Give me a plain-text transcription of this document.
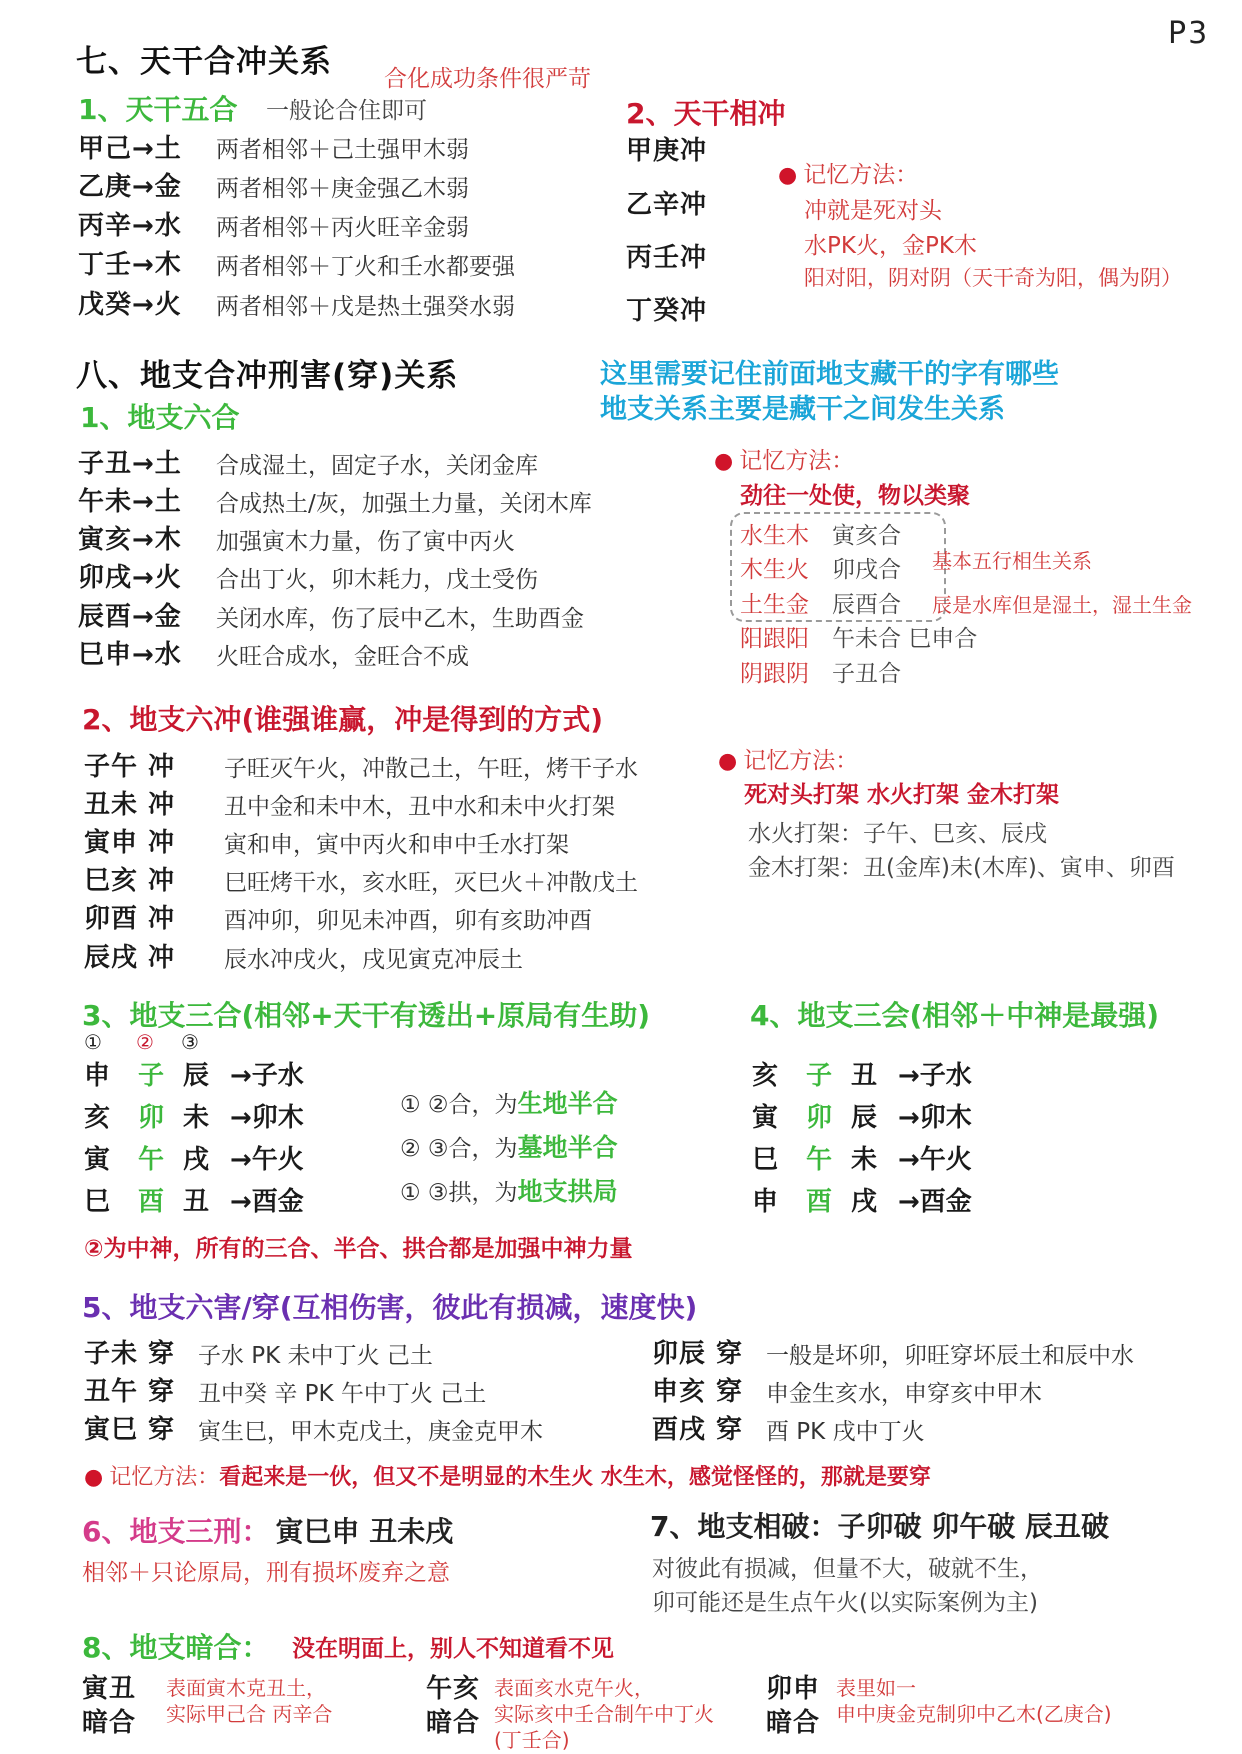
P3
七、天干合冲关系 合化成功条件很严苛
1、天干五合 一般论合住即可
甲己→土 两者相邻＋己土强甲木弱
乙庚→金 两者相邻＋庚金强乙木弱
丙辛→水 两者相邻＋丙火旺辛金弱
丁壬→木 两者相邻＋丁火和壬水都要强
戊癸→火 两者相邻＋戊是热土强癸水弱
2、天干相冲
甲庚冲
乙辛冲
丙壬冲
丁癸冲
● 记忆方法：
冲就是死对头
水PK火，金PK木
阳对阳，阴对阴（天干奇为阳，偶为阴）
八、地支合冲刑害(穿)关系	这里需要记住前面地支藏干的字有哪些
地支关系主要是藏干之间发生关系
1、地支六合
子丑→土 合成湿土，固定子水，关闭金库
午未→土 合成热土/灰，加强土力量，关闭木库
寅亥→木 加强寅木力量，伤了寅中丙火
卯戌→火 合出丁火，卯木耗力，戊土受伤
辰酉→金 关闭水库，伤了辰中乙木，生助酉金
巳申→水 火旺合成水，金旺合不成
● 记忆方法：
劲往一处使，物以类聚
水生木 寅亥合
木生火 卯戌合
土生金 辰酉合
阳跟阳 午未合 巳申合
阴跟阴 子丑合
基本五行相生关系
辰是水库但是湿土，湿土生金
2、地支六冲(谁强谁赢，冲是得到的方式)
子午 冲 子旺灭午火，冲散己土，午旺，烤干子水
丑未 冲 丑中金和未中木，丑中水和未中火打架
寅申 冲 寅和申，寅中丙火和申中壬水打架
巳亥 冲 巳旺烤干水，亥水旺，灭巳火＋冲散戊土
卯酉 冲 酉冲卯，卯见未冲酉，卯有亥助冲酉
辰戌 冲 辰水冲戌火，戌见寅克冲辰土
● 记忆方法：
死对头打架 水火打架 金木打架
水火打架：子午、巳亥、辰戌
金木打架：丑(金库)未(木库)、寅申、卯酉
3、地支三合(相邻+天干有透出+原局有生助)
① ② ③
申 子 辰 →子水
亥 卯 未 →卯木
寅 午 戌 →午火
巳 酉 丑 →酉金
① ②合，为生地半合
② ③合，为墓地半合
① ③拱，为地支拱局
②为中神，所有的三合、半合、拱合都是加强中神力量
4、地支三会(相邻＋中神是最强)
亥 子 丑 →子水
寅 卯 辰 →卯木
巳 午 未 →午火
申 酉 戌 →酉金
5、地支六害/穿(互相伤害，彼此有损减，速度快)
子未 穿 子水 PK 未中丁火 己土
丑午 穿 丑中癸 辛 PK 午中丁火 己土
寅巳 穿 寅生巳，甲木克戊土，庚金克甲木
卯辰 穿 一般是坏卯，卯旺穿坏辰土和辰中水
申亥 穿 申金生亥水，申穿亥中甲木
酉戌 穿 酉 PK 戌中丁火
● 记忆方法：看起来是一伙，但又不是明显的木生火 水生木，感觉怪怪的，那就是要穿
6、地支三刑： 寅巳申 丑未戌
相邻＋只论原局，刑有损坏废弃之意
7、地支相破：子卯破 卯午破 辰丑破
对彼此有损减，但量不大，破就不生，
卯可能还是生点午火(以实际案例为主)
8、地支暗合： 没在明面上，别人不知道看不见
寅丑
暗合
表面寅木克丑土，
实际甲己合 丙辛合
午亥
暗合
表面亥水克午火，
实际亥中壬合制午中丁火
(丁壬合)
卯申
暗合
表里如一
申中庚金克制卯中乙木(乙庚合)
